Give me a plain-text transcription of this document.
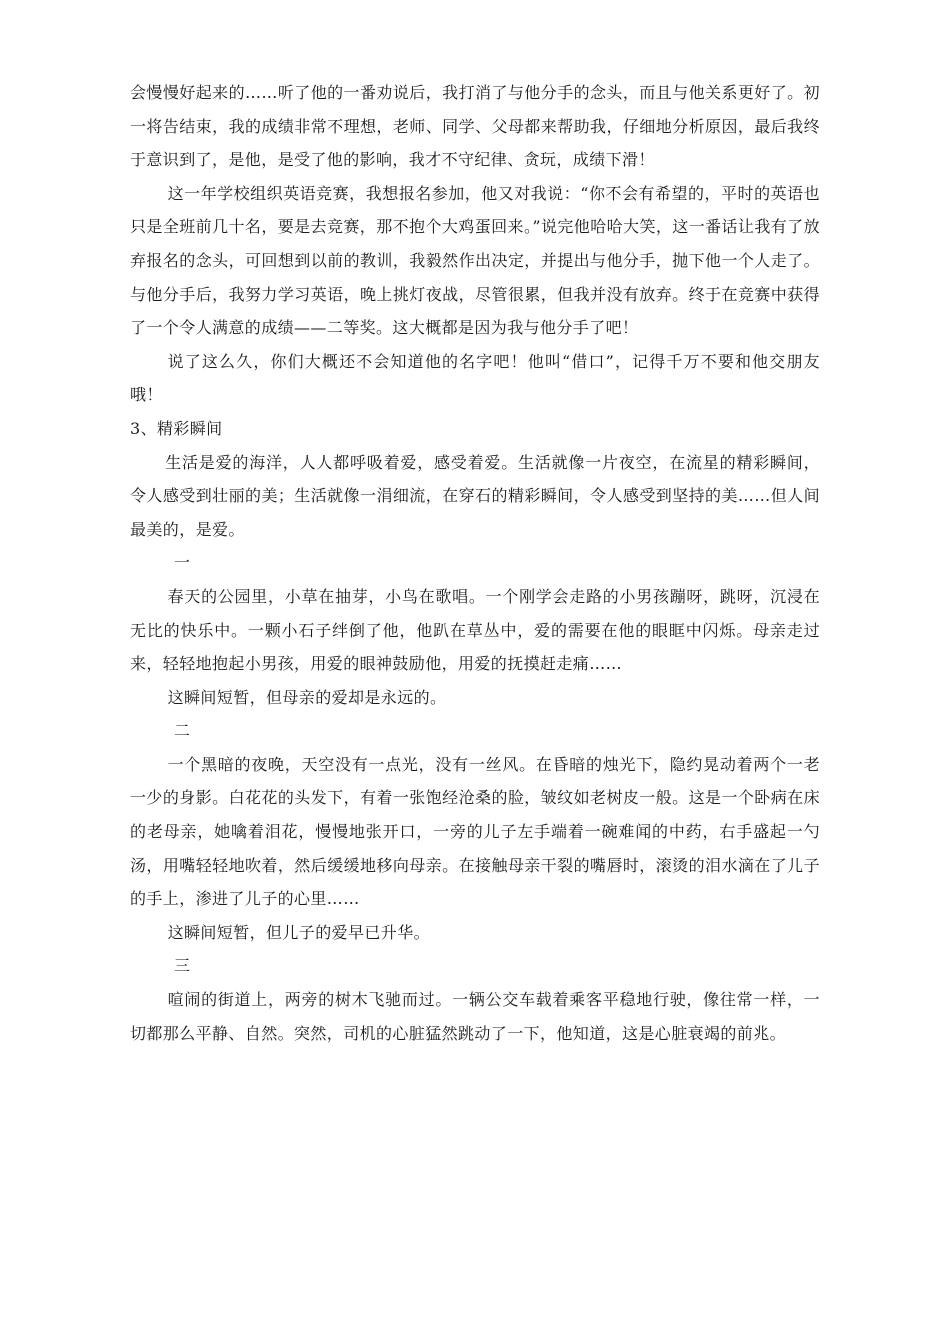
会慢慢好起来的……听了他的一番劝说后，我打消了与他分手的念头，而且与他关系更好了。初一将告结束，我的成绩非常不理想，老师、同学、父母都来帮助我，仔细地分析原因，最后我终于意识到了，是他，是受了他的影响，我才不守纪律、贪玩，成绩下滑！

这一年学校组织英语竞赛，我想报名参加，他又对我说：“你不会有希望的，平时的英语也只是全班前几十名，要是去竞赛，那不抱个大鸡蛋回来。”说完他哈哈大笑，这一番话让我有了放弃报名的念头，可回想到以前的教训，我毅然作出决定，并提出与他分手，抛下他一个人走了。与他分手后，我努力学习英语，晚上挑灯夜战，尽管很累，但我并没有放弃。终于在竞赛中获得了一个令人满意的成绩——二等奖。这大概都是因为我与他分手了吧！

说了这么久，你们大概还不会知道他的名字吧！他叫“借口”，记得千万不要和他交朋友哦！

3、精彩瞬间

生活是爱的海洋，人人都呼吸着爱，感受着爱。生活就像一片夜空，在流星的精彩瞬间，令人感受到壮丽的美；生活就像一涓细流，在穿石的精彩瞬间，令人感受到坚持的美……但人间最美的，是爱。

一

春天的公园里，小草在抽芽，小鸟在歌唱。一个刚学会走路的小男孩蹦呀，跳呀，沉浸在无比的快乐中。一颗小石子绊倒了他，他趴在草丛中，爱的需要在他的眼眶中闪烁。母亲走过来，轻轻地抱起小男孩，用爱的眼神鼓励他，用爱的抚摸赶走痛……

这瞬间短暂，但母亲的爱却是永远的。

二

一个黑暗的夜晚，天空没有一点光，没有一丝风。在昏暗的烛光下，隐约晃动着两个一老一少的身影。白花花的头发下，有着一张饱经沧桑的脸，皱纹如老树皮一般。这是一个卧病在床的老母亲，她噙着泪花，慢慢地张开口，一旁的儿子左手端着一碗难闻的中药，右手盛起一勺汤，用嘴轻轻地吹着，然后缓缓地移向母亲。在接触母亲干裂的嘴唇时，滚烫的泪水滴在了儿子的手上，渗进了儿子的心里……

这瞬间短暂，但儿子的爱早已升华。

三

喧闹的街道上，两旁的树木飞驰而过。一辆公交车载着乘客平稳地行驶，像往常一样，一切都那么平静、自然。突然，司机的心脏猛然跳动了一下，他知道，这是心脏衰竭的前兆。
